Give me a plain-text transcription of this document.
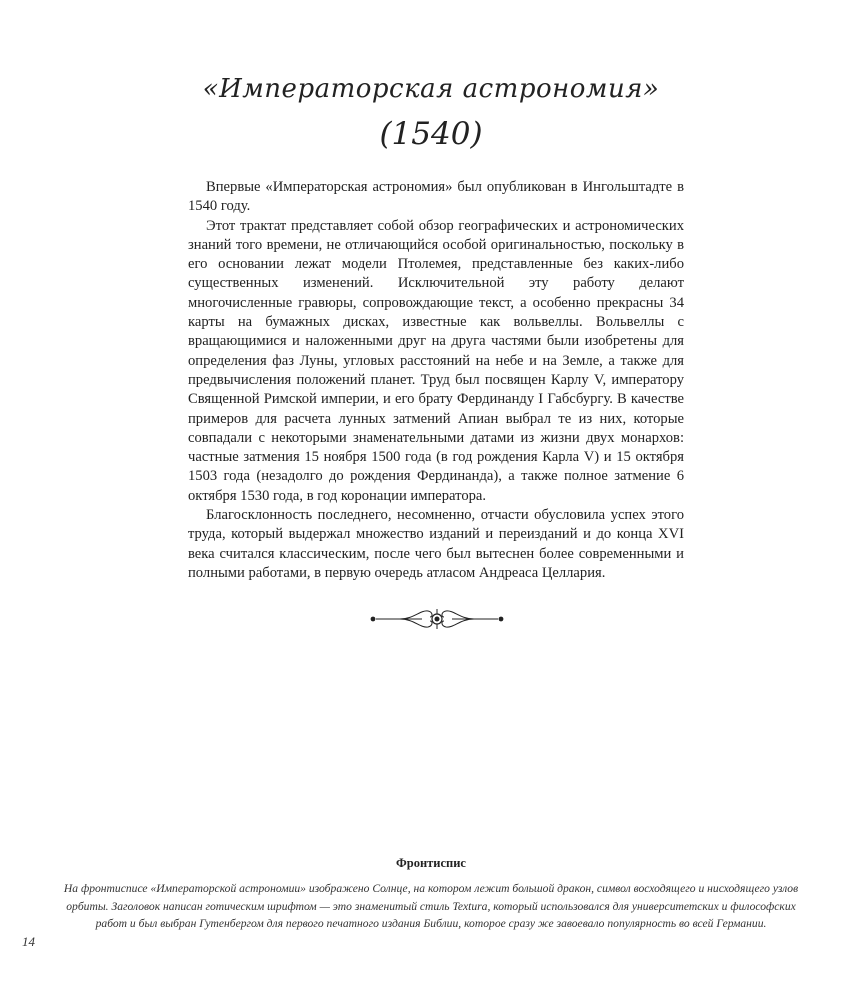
«Императорская астрономия»
(1540)

Впервые «Императорская астрономия» был опубликован в Ингольштадте в 1540 году.

Этот трактат представляет собой обзор географических и астрономических знаний того времени, не отличающийся особой оригинальностью, поскольку в его основании лежат модели Птолемея, представленные без каких-либо существенных изменений. Исключительной эту работу делают многочисленные гравюры, сопровождающие текст, а особенно прекрасны 34 карты на бумажных дисках, известные как вольвеллы. Вольвеллы с вращающимися и наложенными друг на друга частями были изобретены для определения фаз Луны, угловых расстояний на небе и на Земле, а также для предвычисления положений планет. Труд был посвящен Карлу V, императору Священной Римской империи, и его брату Фердинанду I Габсбургу. В качестве примеров для расчета лунных затмений Апиан выбрал те из них, которые совпадали с некоторыми знаменательными датами из жизни двух монархов: частные затмения 15 ноября 1500 года (в год рождения Карла V) и 15 октября 1503 года (незадолго до рождения Фердинанда), а также полное затмение 6 октября 1530 года, в год коронации императора.

Благосклонность последнего, несомненно, отчасти обусловила успех этого труда, который выдержал множество изданий и переизданий и до конца XVI века считался классическим, после чего был вытеснен более современными и полными работами, в первую очередь атласом Андреаса Целлария.

Фронтиспис
На фронтисписе «Императорской астрономии» изображено Солнце, на котором лежит большой дракон, символ восходящего и нисходящего узлов орбиты. Заголовок написан готическим шрифтом — это знаменитый стиль Textura, который использовался для университетских и философских работ и был выбран Гутенбергом для первого печатного издания Библии, которое сразу же завоевало популярность во всей Германии.
14
